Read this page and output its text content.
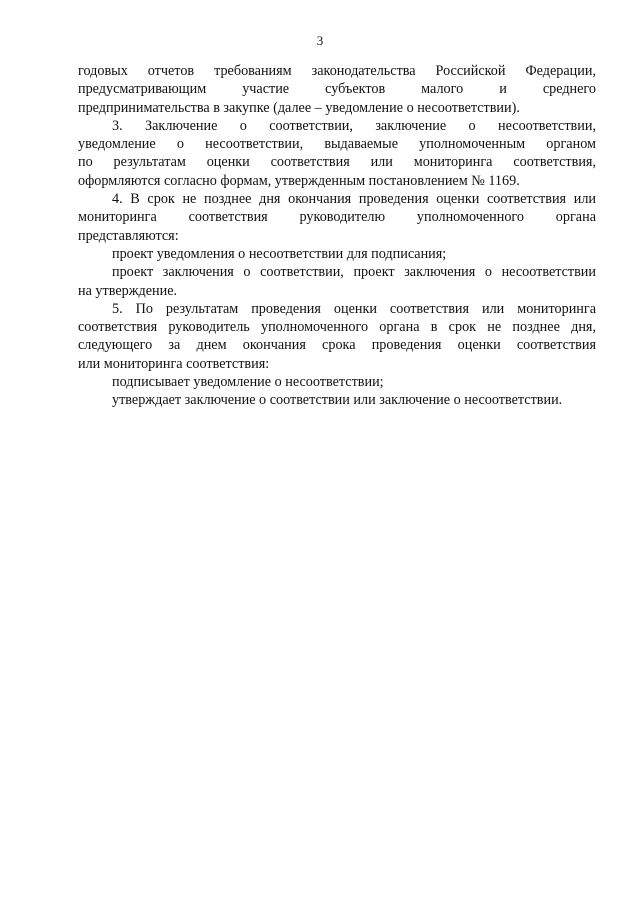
3
годовых отчетов требованиям законодательства Российской Федерации,
предусматривающим участие субъектов малого и среднего
предпринимательства в закупке (далее – уведомление о несоответствии).
3. Заключение о соответствии, заключение о несоответствии,
уведомление о несоответствии, выдаваемые уполномоченным органом
по результатам оценки соответствия или мониторинга соответствия,
оформляются согласно формам, утвержденным постановлением № 1169.
4. В срок не позднее дня окончания проведения оценки соответствия или
мониторинга соответствия руководителю уполномоченного органа
представляются:
проект уведомления о несоответствии для подписания;
проект заключения о соответствии, проект заключения о несоответствии
на утверждение.
5. По результатам проведения оценки соответствия или мониторинга
соответствия руководитель уполномоченного органа в срок не позднее дня,
следующего за днем окончания срока проведения оценки соответствия
или мониторинга соответствия:
подписывает уведомление о несоответствии;
утверждает заключение о соответствии или заключение о несоответствии.
